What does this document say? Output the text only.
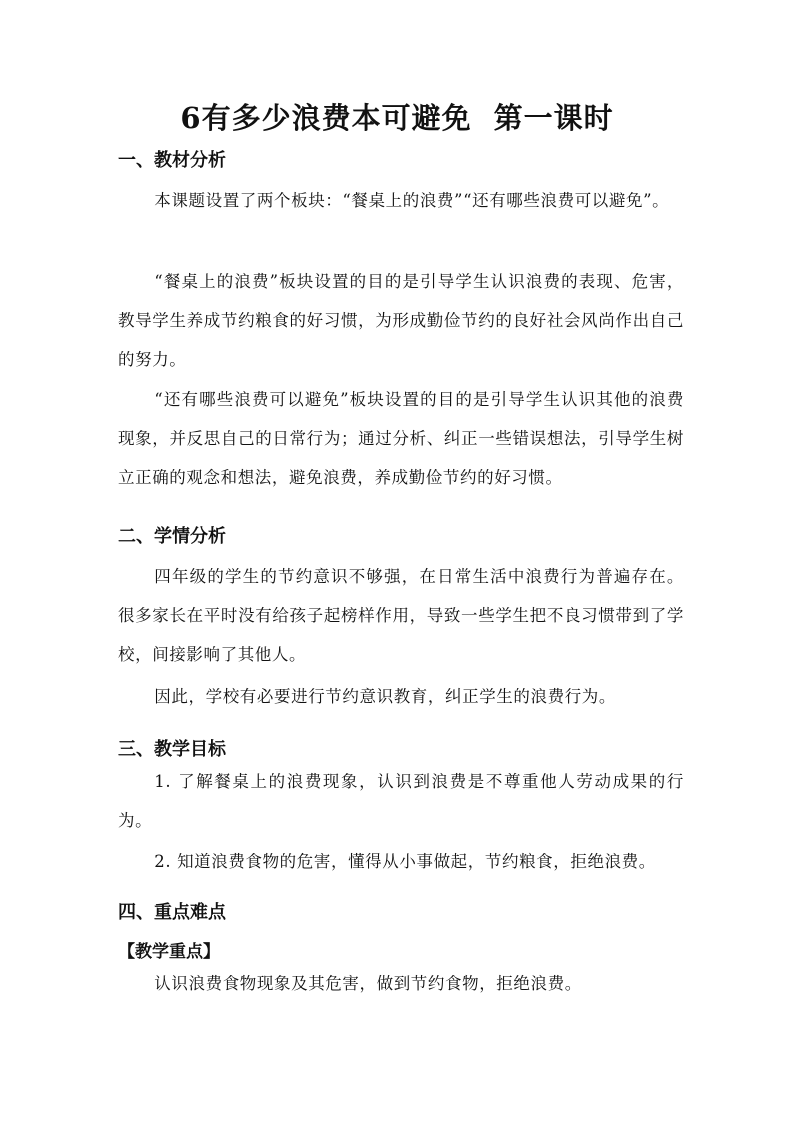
6有多少浪费本可避免 第一课时
一、教材分析
本课题设置了两个板块：“餐桌上的浪费”“还有哪些浪费可以避免”。
“餐桌上的浪费”板块设置的目的是引导学生认识浪费的表现、危害，教导学生养成节约粮食的好习惯，为形成勤俭节约的良好社会风尚作出自己的努力。
“还有哪些浪费可以避免”板块设置的目的是引导学生认识其他的浪费现象，并反思自己的日常行为；通过分析、纠正一些错误想法，引导学生树立正确的观念和想法，避免浪费，养成勤俭节约的好习惯。
二、学情分析
四年级的学生的节约意识不够强，在日常生活中浪费行为普遍存在。很多家长在平时没有给孩子起榜样作用，导致一些学生把不良习惯带到了学校，间接影响了其他人。
因此，学校有必要进行节约意识教育，纠正学生的浪费行为。
三、教学目标
1. 了解餐桌上的浪费现象，认识到浪费是不尊重他人劳动成果的行为。
2. 知道浪费食物的危害，懂得从小事做起，节约粮食，拒绝浪费。
四、重点难点
【教学重点】
认识浪费食物现象及其危害，做到节约食物，拒绝浪费。
